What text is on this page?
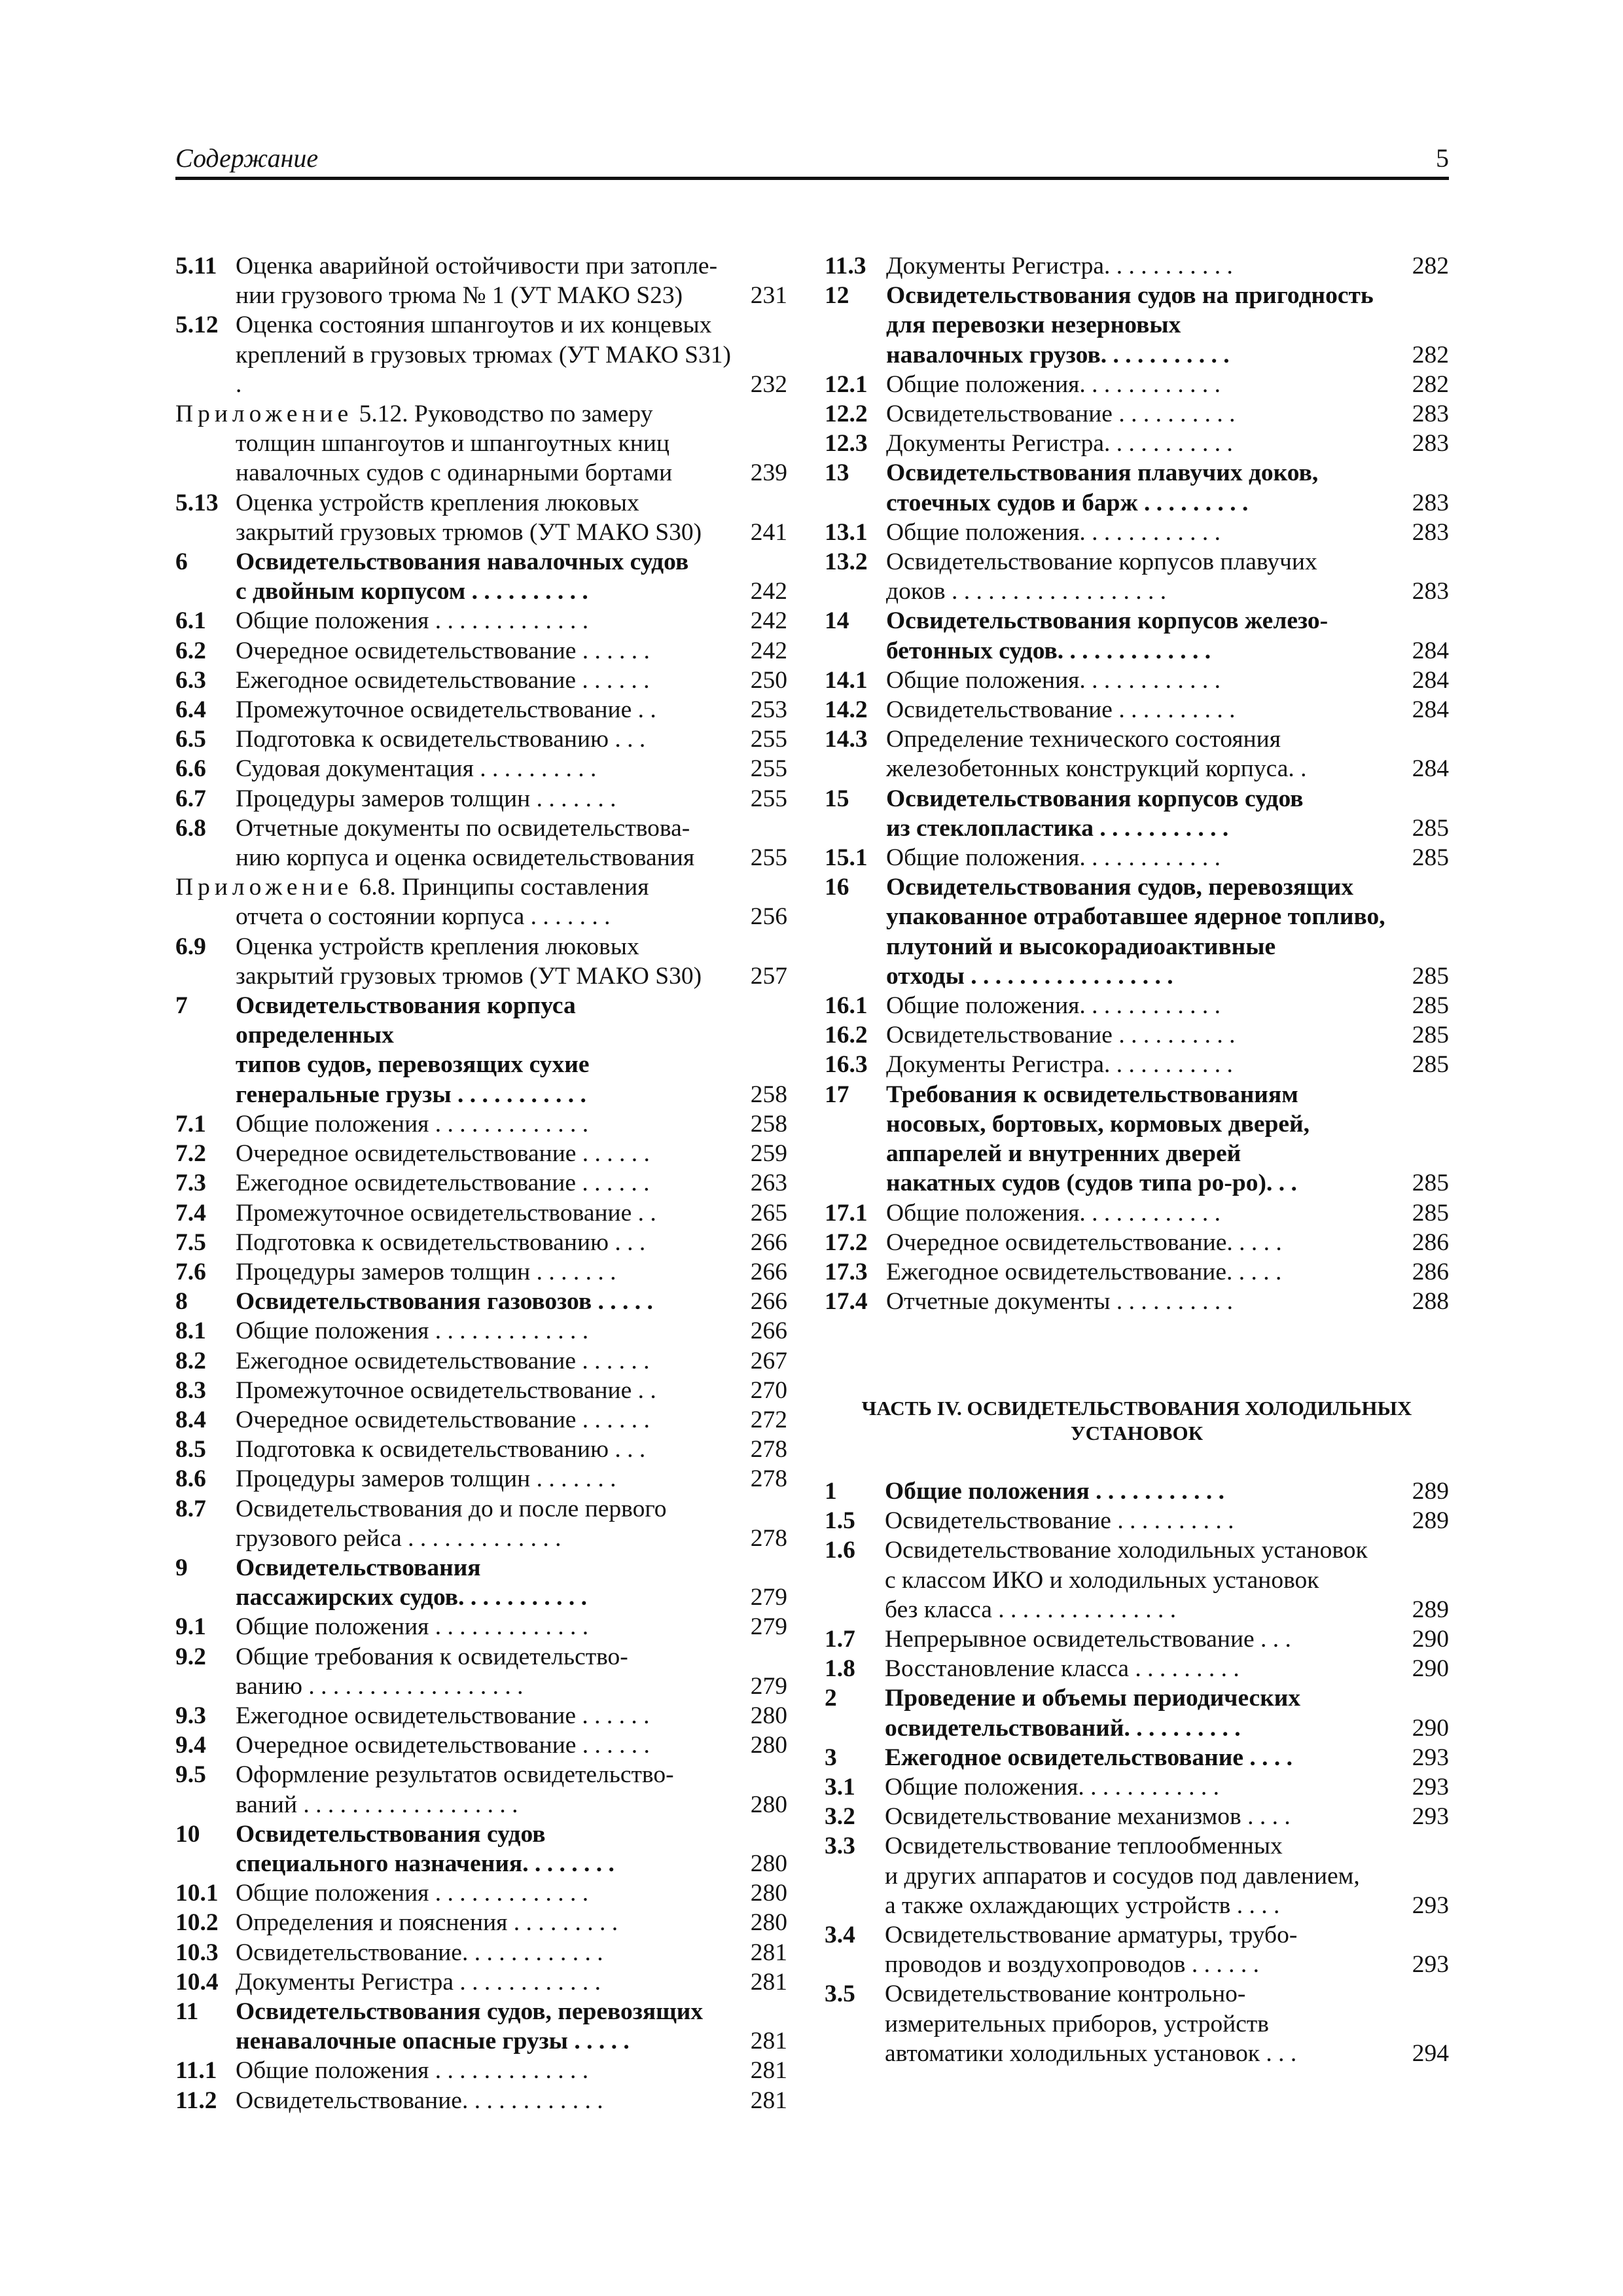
Содержание	5
5.11 Оценка аварийной остойчивости при затопле-
нии грузового трюма № 1 (УТ МАКО S23)	231
5.12 Оценка состояния шпангоутов и их концевых
креплений в грузовых трюмах (УТ МАКО S31) .	232
Приложение 5.12. Руководство по замеру
толщин шпангоутов и шпангоутных книц
навалочных судов с одинарными бортами	239
5.13 Оценка устройств крепления люковых
закрытий грузовых трюмов (УТ МАКО S30)	241
6 Освидетельствования навалочных судов
с двойным корпусом . . . . . . . . . .	242
6.1 Общие положения . . . . . . . . . . . . .	242
6.2 Очередное освидетельствование . . . . . .	242
6.3 Ежегодное освидетельствование . . . . . .	250
6.4 Промежуточное освидетельствование . .	253
6.5 Подготовка к освидетельствованию . . .	255
6.6 Судовая документация . . . . . . . . . .	255
6.7 Процедуры замеров толщин . . . . . . .	255
6.8 Отчетные документы по освидетельствова-
нию корпуса и оценка освидетельствования	255
Приложение 6.8. Принципы составления
отчета о состоянии корпуса . . . . . . .	256
6.9 Оценка устройств крепления люковых
закрытий грузовых трюмов (УТ МАКО S30)	257
7 Освидетельствования корпуса определенных
типов судов, перевозящих сухие
генеральные грузы . . . . . . . . . . .	258
7.1 Общие положения . . . . . . . . . . . . .	258
7.2 Очередное освидетельствование . . . . . .	259
7.3 Ежегодное освидетельствование . . . . . .	263
7.4 Промежуточное освидетельствование . .	265
7.5 Подготовка к освидетельствованию . . .	266
7.6 Процедуры замеров толщин . . . . . . .	266
8 Освидетельствования газовозов . . . . .	266
8.1 Общие положения . . . . . . . . . . . . .	266
8.2 Ежегодное освидетельствование . . . . . .	267
8.3 Промежуточное освидетельствование . .	270
8.4 Очередное освидетельствование . . . . . .	272
8.5 Подготовка к освидетельствованию . . .	278
8.6 Процедуры замеров толщин . . . . . . .	278
8.7 Освидетельствования до и после первого
грузового рейса . . . . . . . . . . . . .	278
9 Освидетельствования
пассажирских судов. . . . . . . . . . .	279
9.1 Общие положения . . . . . . . . . . . . .	279
9.2 Общие требования к освидетельство-
ванию . . . . . . . . . . . . . . . . . .	279
9.3 Ежегодное освидетельствование . . . . . .	280
9.4 Очередное освидетельствование . . . . . .	280
9.5 Оформление результатов освидетельство-
ваний . . . . . . . . . . . . . . . . . .	280
10 Освидетельствования судов
специального назначения. . . . . . . .	280
10.1 Общие положения . . . . . . . . . . . . .	280
10.2 Определения и пояснения . . . . . . . . .	280
10.3 Освидетельствование. . . . . . . . . . . .	281
10.4 Документы Регистра . . . . . . . . . . . .	281
11 Освидетельствования судов, перевозящих
ненавалочные опасные грузы . . . . .	281
11.1 Общие положения . . . . . . . . . . . . .	281
11.2 Освидетельствование. . . . . . . . . . . .	281
11.3 Документы Регистра. . . . . . . . . . .	282
12 Освидетельствования судов на пригодность
для перевозки незерновых
навалочных грузов. . . . . . . . . . .	282
12.1 Общие положения. . . . . . . . . . . .	282
12.2 Освидетельствование . . . . . . . . . .	283
12.3 Документы Регистра. . . . . . . . . . .	283
13 Освидетельствования плавучих доков,
стоечных судов и барж . . . . . . . . .	283
13.1 Общие положения. . . . . . . . . . . .	283
13.2 Освидетельствование корпусов плавучих
доков . . . . . . . . . . . . . . . . . .	283
14 Освидетельствования корпусов железо-
бетонных судов. . . . . . . . . . . . .	284
14.1 Общие положения. . . . . . . . . . . .	284
14.2 Освидетельствование . . . . . . . . . .	284
14.3 Определение технического состояния
железобетонных конструкций корпуса. .	284
15 Освидетельствования корпусов судов
из стеклопластика . . . . . . . . . . .	285
15.1 Общие положения. . . . . . . . . . . .	285
16 Освидетельствования судов, перевозящих
упакованное отработавшее ядерное топливо,
плутоний и высокорадиоактивные
отходы . . . . . . . . . . . . . . . . .	285
16.1 Общие положения. . . . . . . . . . . .	285
16.2 Освидетельствование . . . . . . . . . .	285
16.3 Документы Регистра. . . . . . . . . . .	285
17 Требования к освидетельствованиям
носовых, бортовых, кормовых дверей,
аппарелей и внутренних дверей
накатных судов (судов типа ро-ро). . .	285
17.1 Общие положения. . . . . . . . . . . .	285
17.2 Очередное освидетельствование. . . . .	286
17.3 Ежегодное освидетельствование. . . . .	286
17.4 Отчетные документы . . . . . . . . . .	288
ЧАСТЬ IV. ОСВИДЕТЕЛЬСТВОВАНИЯ ХОЛОДИЛЬНЫХ
УСТАНОВОК
1 Общие положения . . . . . . . . . . .	289
1.5 Освидетельствование . . . . . . . . . .	289
1.6 Освидетельствование холодильных установок
с классом ИКО и холодильных установок
без класса . . . . . . . . . . . . . . .	289
1.7 Непрерывное освидетельствование . . .	290
1.8 Восстановление класса . . . . . . . . .	290
2 Проведение и объемы периодических
освидетельствований. . . . . . . . . .	290
3 Ежегодное освидетельствование . . . .	293
3.1 Общие положения. . . . . . . . . . . .	293
3.2 Освидетельствование механизмов . . . .	293
3.3 Освидетельствование теплообменных
и других аппаратов и сосудов под давлением,
а также охлаждающих устройств . . . .	293
3.4 Освидетельствование арматуры, трубо-
проводов и воздухопроводов . . . . . .	293
3.5 Освидетельствование контрольно-
измерительных приборов, устройств
автоматики холодильных установок . . .	294
